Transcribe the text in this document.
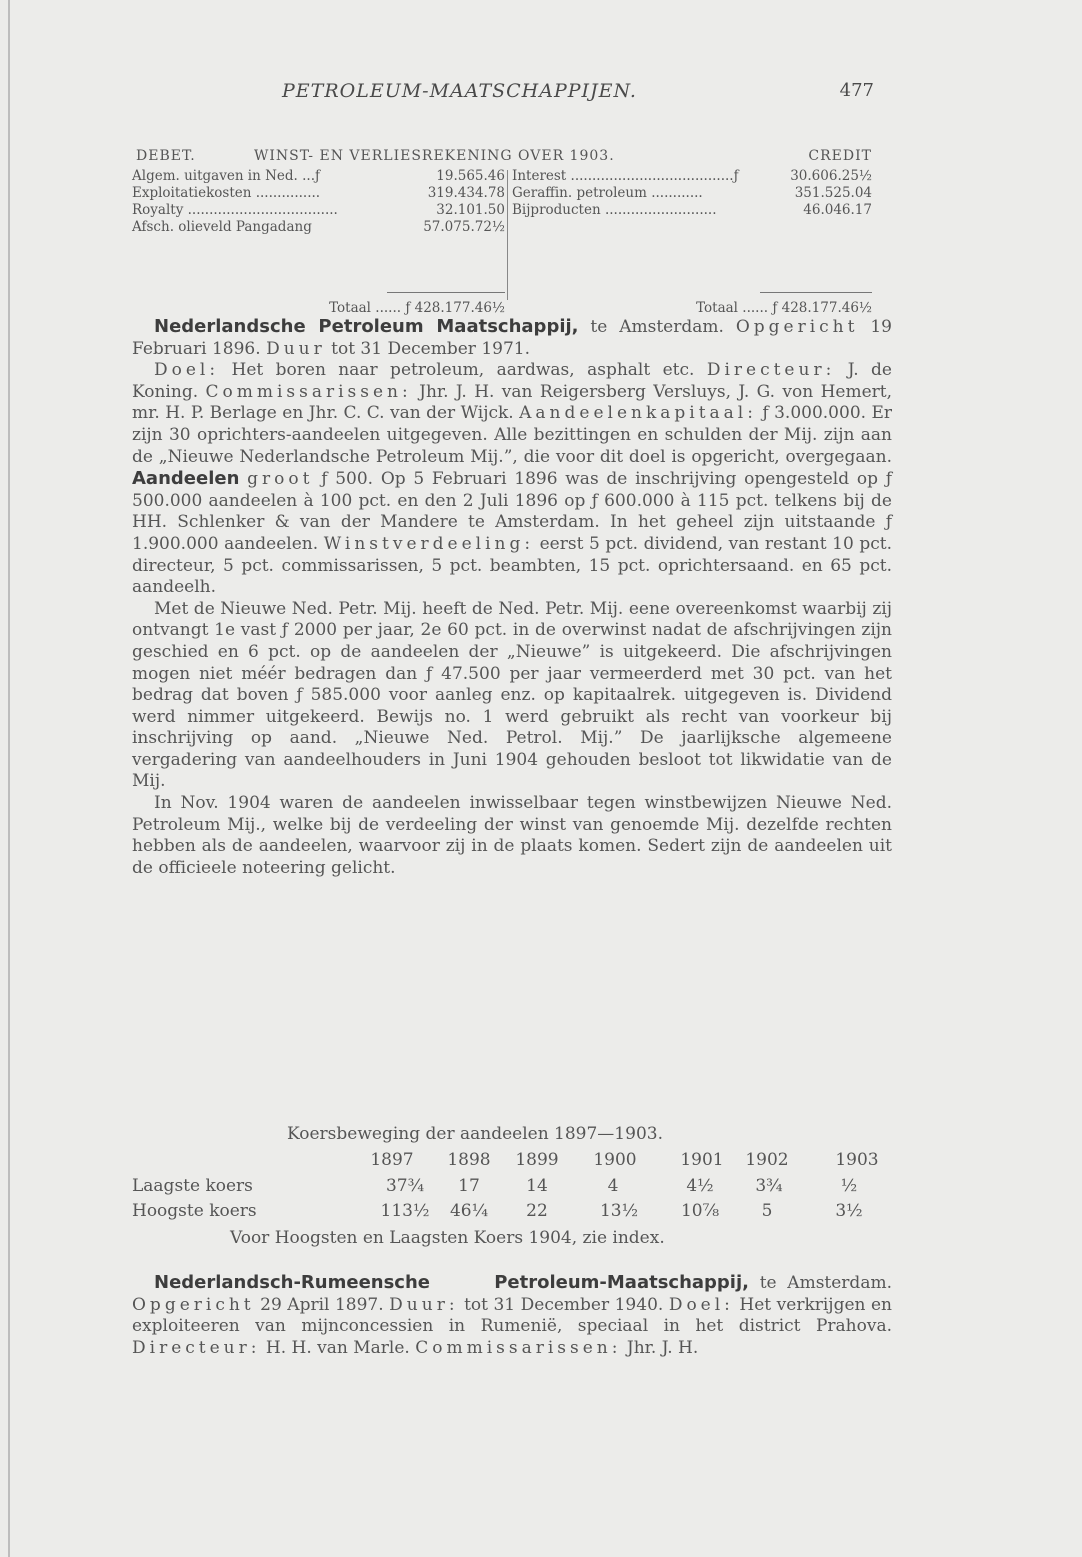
PETROLEUM-MAATSCHAPPIJEN.	477
DEBET.	WINST- EN VERLIESREKENING OVER 1903.	CREDIT
Algem. uitgaven in Ned. ...ƒ	19.565.46
Exploitatiekosten ...............	319.434.78
Royalty ...................................	32.101.50
Afsch. olieveld Pangadang	57.075.72½
Totaal ...... ƒ 428.177.46½
Interest ......................................ƒ	30.606.25½
Geraffin. petroleum ............	351.525.04
Bijproducten ..........................	46.046.17
Totaal ...... ƒ 428.177.46½

Nederlandsche Petroleum Maatschappij, te Amsterdam. Opgericht 19 Februari 1896. Duur tot 31 December 1971.

Doel: Het boren naar petroleum, aardwas, asphalt etc. Directeur: J. de Koning. Commissarissen: Jhr. J. H. van Reigersberg Versluys, J. G. von Hemert, mr. H. P. Berlage en Jhr. C. C. van der Wijck. Aandeelenkapitaal: ƒ 3.000.000. Er zijn 30 oprichters-aandeelen uitgegeven. Alle bezittingen en schulden der Mij. zijn aan de „Nieuwe Nederlandsche Petroleum Mij.”, die voor dit doel is opgericht, overgegaan. Aandeelen groot ƒ 500. Op 5 Februari 1896 was de inschrijving opengesteld op ƒ 500.000 aandeelen à 100 pct. en den 2 Juli 1896 op ƒ 600.000 à 115 pct. telkens bij de HH. Schlenker & van der Mandere te Amsterdam. In het geheel zijn uitstaande ƒ 1.900.000 aandeelen. Winstverdeeling: eerst 5 pct. dividend, van restant 10 pct. directeur, 5 pct. commissarissen, 5 pct. beambten, 15 pct. oprichtersaand. en 65 pct. aandeelh.

Met de Nieuwe Ned. Petr. Mij. heeft de Ned. Petr. Mij. eene overeenkomst waarbij zij ontvangt 1e vast ƒ 2000 per jaar, 2e 60 pct. in de overwinst nadat de afschrijvingen zijn geschied en 6 pct. op de aandeelen der „Nieuwe” is uitgekeerd. Die afschrijvingen mogen niet méér bedragen dan ƒ 47.500 per jaar vermeerderd met 30 pct. van het bedrag dat boven ƒ 585.000 voor aanleg enz. op kapitaalrek. uitgegeven is. Dividend werd nimmer uitgekeerd. Bewijs no. 1 werd gebruikt als recht van voorkeur bij inschrijving op aand. „Nieuwe Ned. Petrol. Mij.” De jaarlijksche algemeene vergadering van aandeelhouders in Juni 1904 gehouden besloot tot likwidatie van de Mij.

In Nov. 1904 waren de aandeelen inwisselbaar tegen winstbewijzen Nieuwe Ned. Petroleum Mij., welke bij de verdeeling der winst van genoemde Mij. dezelfde rechten hebben als de aandeelen, waarvoor zij in de plaats komen. Sedert zijn de aandeelen uit de officieele noteering gelicht.

Koersbeweging der aandeelen 1897—1903.
1897	1898	1899	1900	1901	1902	1903
Laagste koers	37¾	17	14	4	4½	3¾	½
Hoogste koers	113½	46¼	22	13½	10⅞	5	3½
Voor Hoogsten en Laagsten Koers 1904, zie index.

Nederlandsch-Rumeensche	Petroleum-Maatschappij, te Amsterdam. Opgericht 29 April 1897. Duur: tot 31 December 1940. Doel: Het verkrijgen en exploiteeren van mijnconcessien in Rumenië, speciaal in het district Prahova. Directeur: H. H. van Marle. Commissarissen: Jhr. J. H.
